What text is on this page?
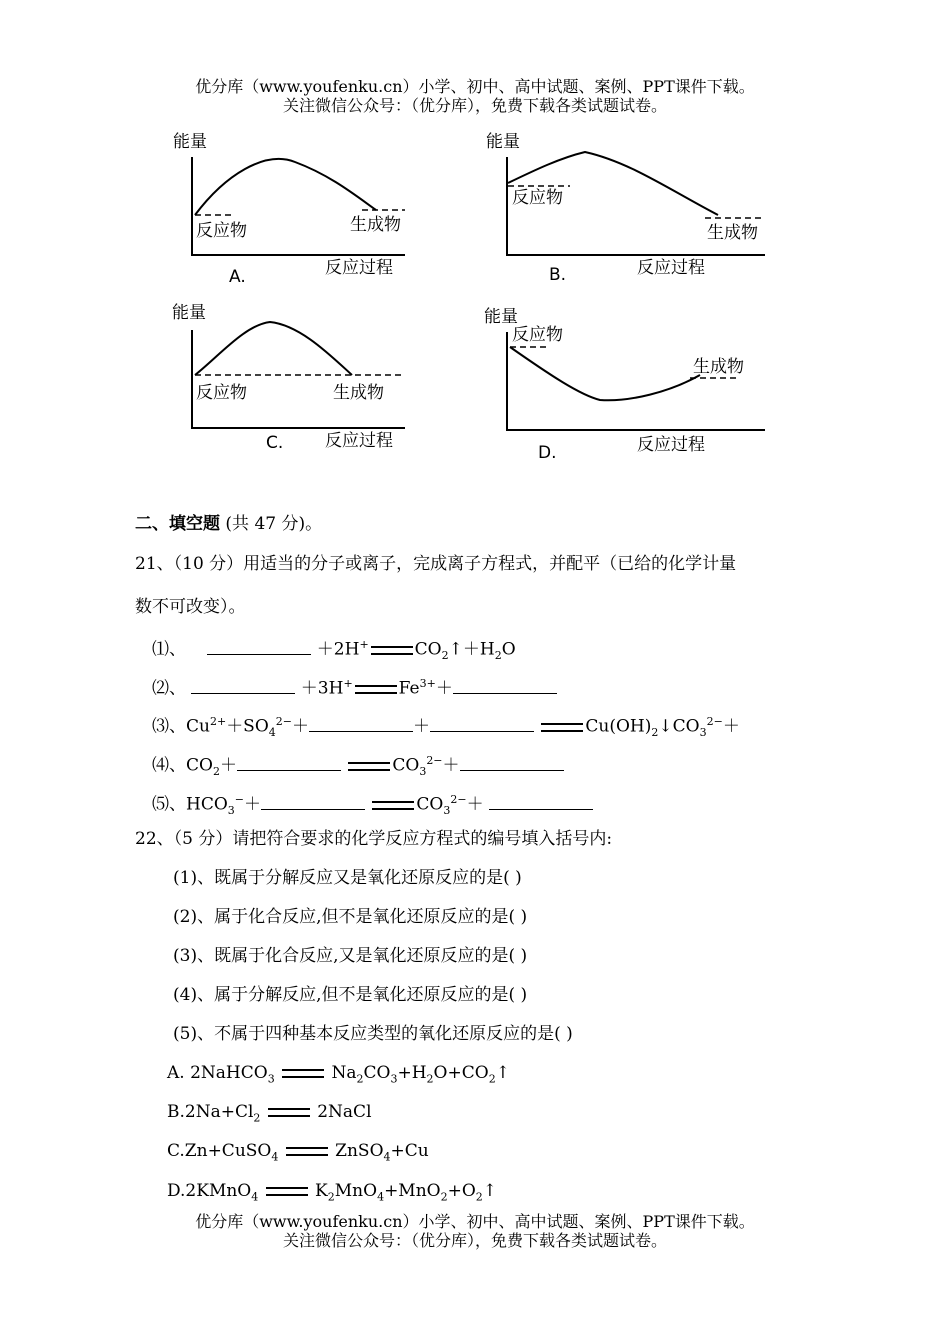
优分库（www.youfenku.cn）小学、初中、高中试题、案例、PPT课件下载。
关注微信公众号：（优分库），免费下载各类试题试卷。
能量
反应物	生成物
A.	反应过程
能量
反应物
生成物
B.	反应过程
能量
反应物	生成物
C. 反应过程
能量
反应物
生成物
D.	反应过程
二、填空题 (共 47 分)。
21、（10 分）用适当的分子或离子，完成离子方程式，并配平（已给的化学计量
数不可改变）。
⑴、	＋2H+	$CO_2↑+H_2O$
⑵、	＋3H+	$Fe^{3+}+$
⑶、$Cu^{2+}+SO_4^{2-}+$	＋	$Cu(OH)_2↓CO_3^{2-}+$
⑷、$CO_2+$	$CO_3^{2-}+$
⑸、$HCO_3^-+$	$CO_3^{2-}+$
22、（5 分）请把符合要求的化学反应方程式的编号填入括号内:
(1)、既属于分解反应又是氧化还原反应的是( )
(2)、属于化合反应,但不是氧化还原反应的是( )
(3)、既属于化合反应,又是氧化还原反应的是( )
(4)、属于分解反应,但不是氧化还原反应的是( )
(5)、不属于四种基本反应类型的氧化还原反应的是( )
A. 2NaHCO$_3$	$Na_2CO_3+H_2O+CO_2↑$
$B.2Na+Cl_2$	2NaCl
C.Zn+CuSO$_4$	ZnSO$_4$+Cu
D.2KMnO$_4$	$K_2MnO_4+MnO_2+O_2↑$
优分库（www.youfenku.cn）小学、初中、高中试题、案例、PPT课件下载。
关注微信公众号：（优分库），免费下载各类试题试卷。
